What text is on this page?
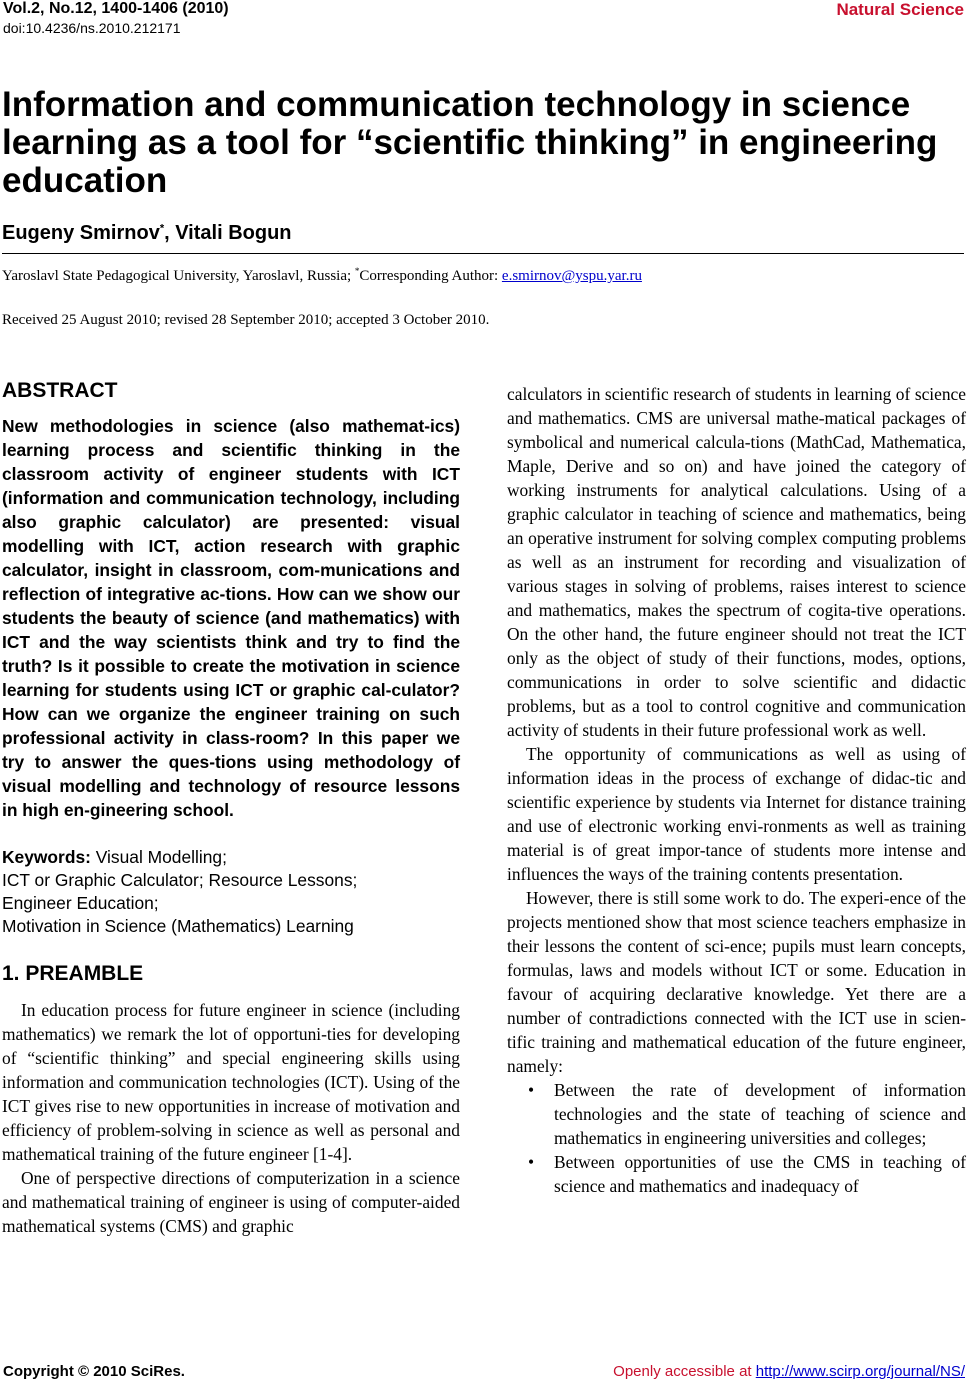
Vol.2, No.12, 1400-1406 (2010)
doi:10.4236/ns.2010.212171
Natural Science
Information and communication technology in science learning as a tool for “scientific thinking” in engineering education
Eugeny Smirnov*, Vitali Bogun
Yaroslavl State Pedagogical University, Yaroslavl, Russia; *Corresponding Author: e.smirnov@yspu.yar.ru
Received 25 August 2010; revised 28 September 2010; accepted 3 October 2010.
ABSTRACT

New methodologies in science (also mathemat-ics) learning process and scientific thinking in the classroom activity of engineer students with ICT (information and communication technology, including also graphic calculator) are presented: visual modelling with ICT, action research with graphic calculator, insight in classroom, com-munications and reflection of integrative ac-tions. How can we show our students the beauty of science (and mathematics) with ICT and the way scientists think and try to find the truth? Is it possible to create the motivation in science learning for students using ICT or graphic cal-culator? How can we organize the engineer training on such professional activity in class-room? In this paper we try to answer the ques-tions using methodology of visual modelling and technology of resource lessons in high en-gineering school.

Keywords: Visual Modelling;
ICT or Graphic Calculator; Resource Lessons;
Engineer Education;
Motivation in Science (Mathematics) Learning
1. PREAMBLE

In education process for future engineer in science (including mathematics) we remark the lot of opportuni-ties for developing of “scientific thinking” and special engineering skills using information and communication technologies (ICT). Using of the ICT gives rise to new opportunities in increase of motivation and efficiency of problem-solving in science as well as personal and mathematical training of the future engineer [1-4].

One of perspective directions of computerization in a science and mathematical training of engineer is using of computer-aided mathematical systems (CMS) and graphic

calculators in scientific research of students in learning of science and mathematics. CMS are universal mathe-matical packages of symbolical and numerical calcula-tions (MathCad, Mathematica, Maple, Derive and so on) and have joined the category of working instruments for analytical calculations. Using of a graphic calculator in teaching of science and mathematics, being an operative instrument for solving complex computing problems as well as an instrument for recording and visualization of various stages in solving of problems, raises interest to science and mathematics, makes the spectrum of cogita-tive operations. On the other hand, the future engineer should not treat the ICT only as the object of study of their functions, modes, options, communications in order to solve scientific and didactic problems, but as a tool to control cognitive and communication activity of students in their future professional work as well.

The opportunity of communications as well as using of information ideas in the process of exchange of didac-tic and scientific experience by students via Internet for distance training and use of electronic working envi-ronments as well as training material is of great impor-tance of students more intense and influences the ways of the training contents presentation.

However, there is still some work to do. The experi-ence of the projects mentioned show that most science teachers emphasize in their lessons the content of sci-ence; pupils must learn concepts, formulas, laws and models without ICT or some. Education in favour of acquiring declarative knowledge. Yet there are a number of contradictions connected with the ICT use in scien-tific training and mathematical education of the future engineer, namely:

• Between the rate of development of information technologies and the state of teaching of science and mathematics in engineering universities and colleges;
• Between opportunities of use the CMS in teaching of science and mathematics and inadequacy of
Copyright © 2010 SciRes.	Openly accessible at http://www.scirp.org/journal/NS/
